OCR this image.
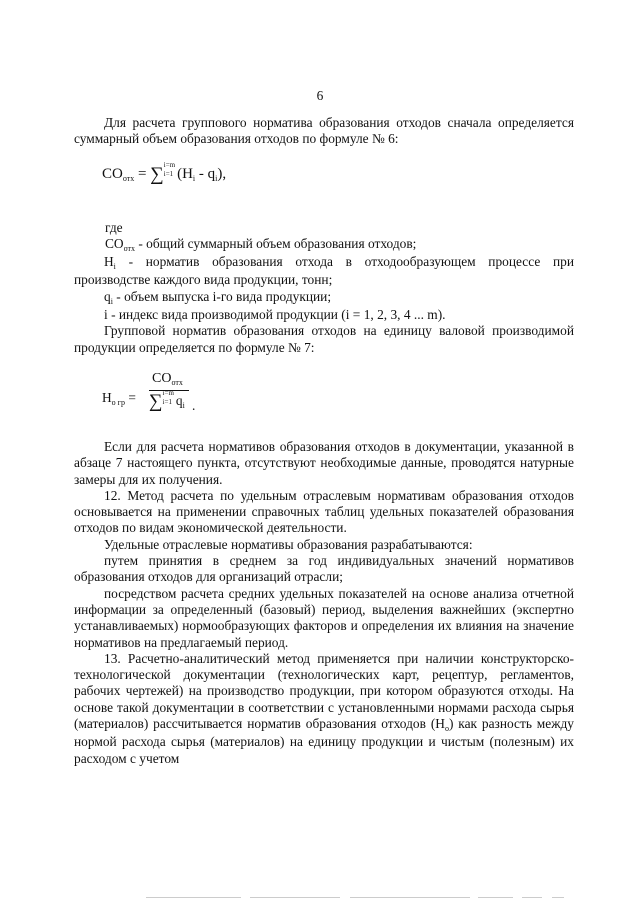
6

Для расчета группового норматива образования отходов сначала определяется суммарный объем образования отходов по формуле № 6:

$CO_{отх} = \sum i=m$
i=1 $(H_i - q_i)$,

где

$CO_{отх}$ - общий суммарный объем образования отходов;

$H_i$ - норматив образования отхода в отходообразующем процессе при производстве каждого вида продукции, тонн;

$q_i$ - объем выпуска i-го вида продукции;

i - индекс вида производимой продукции (i = 1, 2, 3, 4 ... m).

Групповой норматив образования отходов на единицу валовой производимой продукции определяется по формуле № 7:

$H_{о гр}$ =
$CO_{отх}$
∑i=m
i=1 $q_i$ .

Если для расчета нормативов образования отходов в документации, указанной в абзаце 7 настоящего пункта, отсутствуют необходимые данные, проводятся натурные замеры для их получения.

12. Метод расчета по удельным отраслевым нормативам образования отходов основывается на применении справочных таблиц удельных показателей образования отходов по видам экономической деятельности.

Удельные отраслевые нормативы образования разрабатываются:

путем принятия в среднем за год индивидуальных значений нормативов образования отходов для организаций отрасли;

посредством расчета средних удельных показателей на основе анализа отчетной информации за определенный (базовый) период, выделения важнейших (экспертно устанавливаемых) нормообразующих факторов и определения их влияния на значение нормативов на предлагаемый период.

13. Расчетно-аналитический метод применяется при наличии конструкторско-технологической документации (технологических карт, рецептур, регламентов, рабочих чертежей) на производство продукции, при котором образуются отходы. На основе такой документации в соответствии с установленными нормами расхода сырья (материалов) рассчитывается норматив образования отходов $(H_о)$ как разность между нормой расхода сырья (материалов) на единицу продукции и чистым (полезным) их расходом с учетом
